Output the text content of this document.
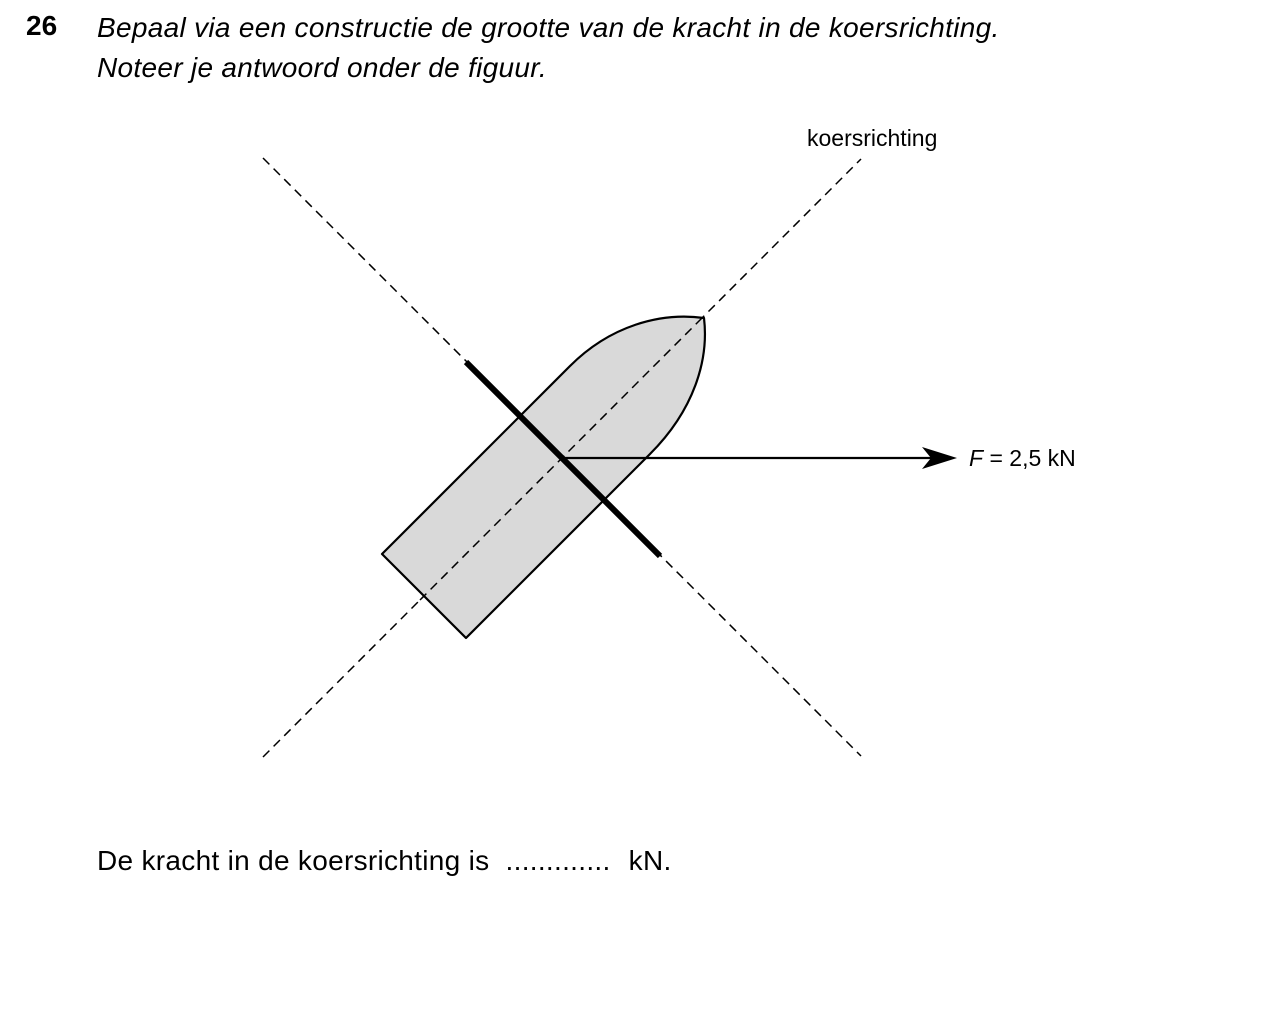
26 Bepaal via een constructie de grootte van de kracht in de koersrichting.
Noteer je antwoord onder de figuur.
koersrichting
F = 2,5 kN
De kracht in de koersrichting is ............. kN.
